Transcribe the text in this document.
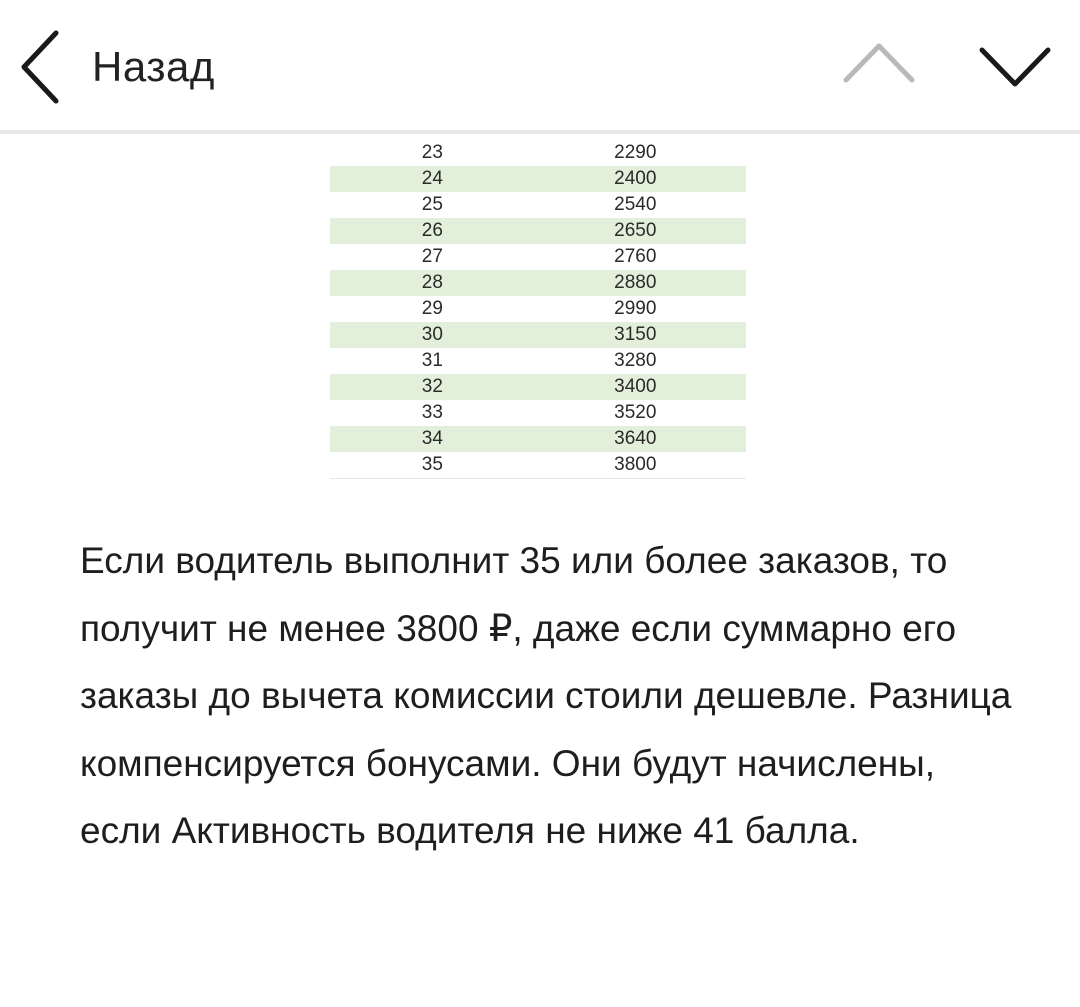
Назад
23	2290
24	2400
25	2540
26	2650
27	2760
28	2880
29	2990
30	3150
31	3280
32	3400
33	3520
34	3640
35	3800

Если водитель выполнит 35 или более заказов, то получит не менее 3800 ₽, даже если суммарно его заказы до вычета комиссии стоили дешевле. Разница компенсируется бонусами. Они будут начислены, если Активность водителя не ниже 41 балла.
